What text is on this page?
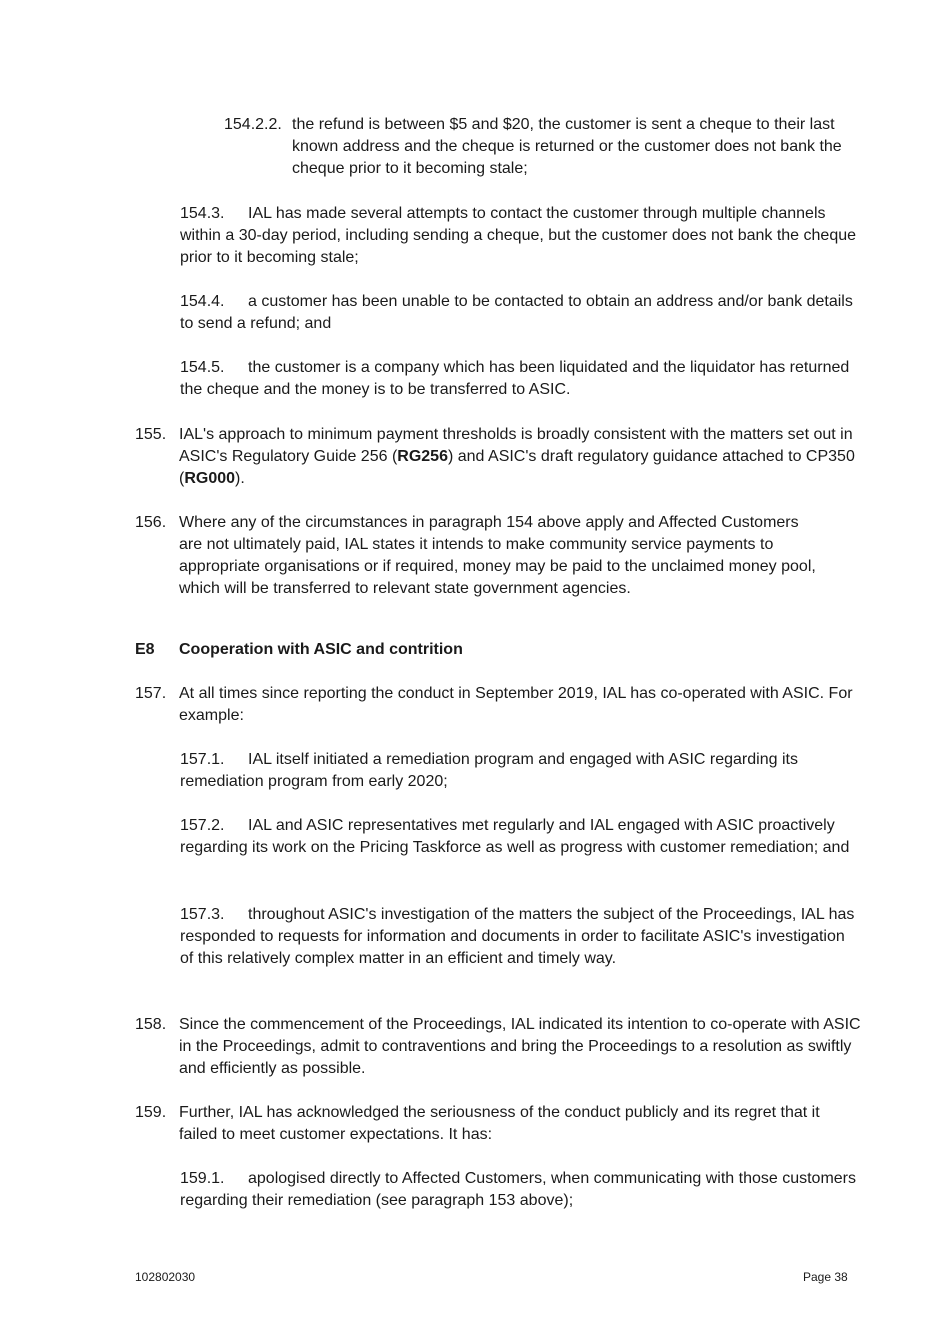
154.2.2. the refund is between $5 and $20, the customer is sent a cheque to their last known address and the cheque is returned or the customer does not bank the cheque prior to it becoming stale;
154.3. IAL has made several attempts to contact the customer through multiple channels within a 30-day period, including sending a cheque, but the customer does not bank the cheque prior to it becoming stale;
154.4. a customer has been unable to be contacted to obtain an address and/or bank details to send a refund; and
154.5. the customer is a company which has been liquidated and the liquidator has returned the cheque and the money is to be transferred to ASIC.
155. IAL's approach to minimum payment thresholds is broadly consistent with the matters set out in ASIC's Regulatory Guide 256 (RG256) and ASIC's draft regulatory guidance attached to CP350 (RG000).
156. Where any of the circumstances in paragraph 154 above apply and Affected Customers are not ultimately paid, IAL states it intends to make community service payments to appropriate organisations or if required, money may be paid to the unclaimed money pool, which will be transferred to relevant state government agencies.
E8	Cooperation with ASIC and contrition
157. At all times since reporting the conduct in September 2019, IAL has co-operated with ASIC. For example:
157.1. IAL itself initiated a remediation program and engaged with ASIC regarding its remediation program from early 2020;
157.2. IAL and ASIC representatives met regularly and IAL engaged with ASIC proactively regarding its work on the Pricing Taskforce as well as progress with customer remediation; and
157.3. throughout ASIC's investigation of the matters the subject of the Proceedings, IAL has responded to requests for information and documents in order to facilitate ASIC's investigation of this relatively complex matter in an efficient and timely way.
158. Since the commencement of the Proceedings, IAL indicated its intention to co-operate with ASIC in the Proceedings, admit to contraventions and bring the Proceedings to a resolution as swiftly and efficiently as possible.
159. Further, IAL has acknowledged the seriousness of the conduct publicly and its regret that it failed to meet customer expectations. It has:
159.1. apologised directly to Affected Customers, when communicating with those customers regarding their remediation (see paragraph 153 above);
102802030	Page 38
